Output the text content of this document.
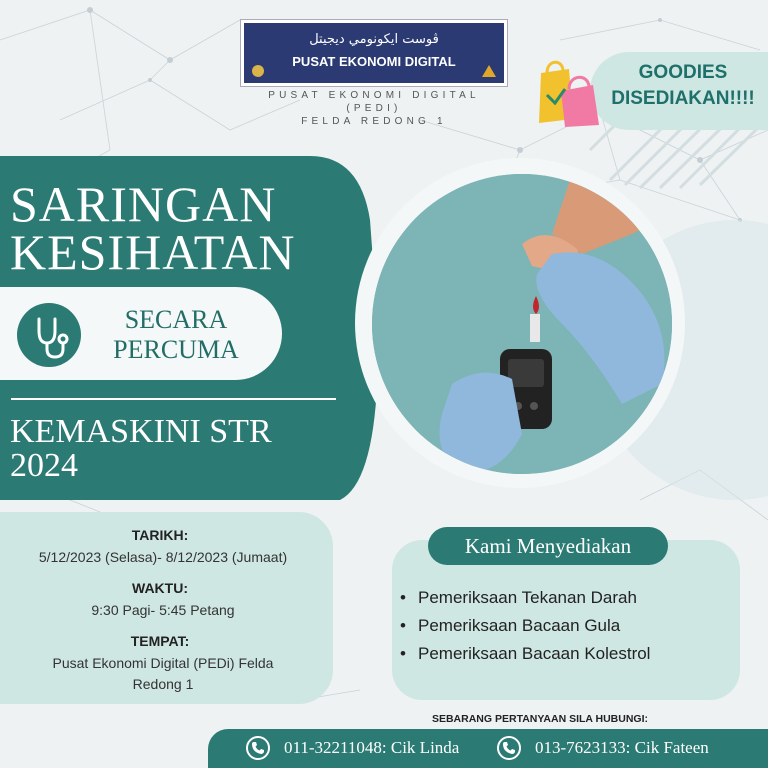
ڤوست ايكونومي ديجيتل
PUSAT EKONOMI DIGITAL
PUSAT EKONOMI DIGITAL
(PEDI)
FELDA REDONG 1
GOODIES
DISEDIAKAN!!!!
SARINGAN
KESIHATAN
SECARA
PERCUMA
KEMASKINI STR
2024
TARIKH:
5/12/2023 (Selasa)- 8/12/2023 (Jumaat)
WAKTU:
9:30 Pagi- 5:45 Petang
TEMPAT:
Pusat Ekonomi Digital (PEDi) Felda
Redong 1
Kami Menyediakan
• Pemeriksaan Tekanan Darah
• Pemeriksaan Bacaan Gula
• Pemeriksaan Bacaan Kolestrol
SEBARANG PERTANYAAN SILA HUBUNGI:
011-32211048: Cik Linda	013-7623133: Cik Fateen
